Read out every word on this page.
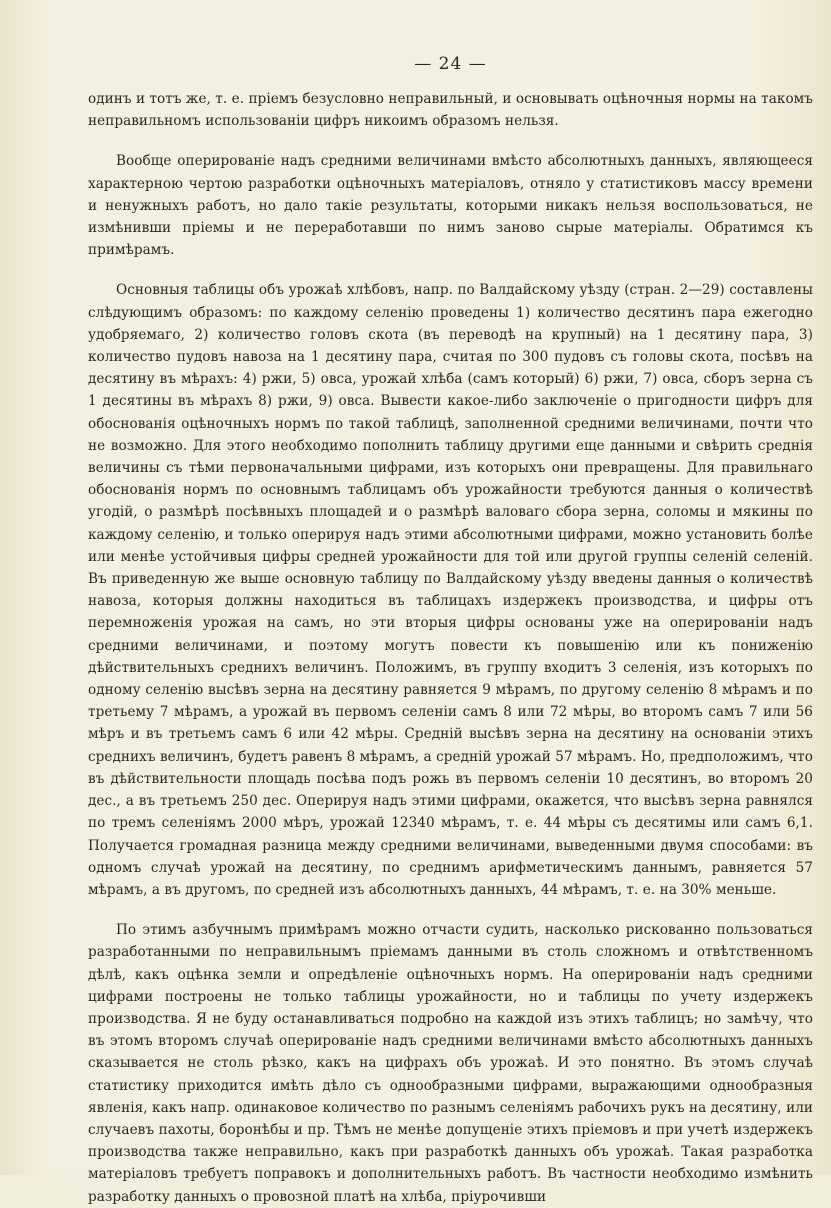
— 24 —

одинъ и тотъ же, т. е. пріемъ безусловно неправильный, и основывать оцѣночныя нормы на такомъ неправильномъ использованіи цифръ никоимъ образомъ нельзя.

Вообще оперированіе надъ средними величинами вмѣсто абсолютныхъ данныхъ, являющееся характерною чертою разработки оцѣночныхъ матеріаловъ, отняло у статистиковъ массу времени и ненужныхъ работъ, но дало такіе результаты, которыми никакъ нельзя воспользоваться, не измѣнивши пріемы и не переработавши по нимъ заново сырые матеріалы. Обратимся къ примѣрамъ.

Основныя таблицы объ урожаѣ хлѣбовъ, напр. по Валдайскому уѣзду (стран. 2—29) составлены слѣдующимъ образомъ: по каждому селенію проведены 1) количество десятинъ пара ежегодно удобряемаго, 2) количество головъ скота (въ переводѣ на крупный) на 1 десятину пара, 3) количество пудовъ навоза на 1 десятину пара, считая по 300 пудовъ съ головы скота, посѣвъ на десятину въ мѣрахъ: 4) ржи, 5) овса, урожай хлѣба (самъ который) 6) ржи, 7) овса, сборъ зерна съ 1 десятины въ мѣрахъ 8) ржи, 9) овса. Вывести какое-либо заключеніе о пригодности цифръ для обоснованія оцѣночныхъ нормъ по такой таблицѣ, заполненной средними величинами, почти что не возможно. Для этого необходимо пополнить таблицу другими еще данными и свѣрить среднія величины съ тѣми первоначальными цифрами, изъ которыхъ они превращены. Для правильнаго обоснованія нормъ по основнымъ таблицамъ объ урожайности требуются данныя о количествѣ угодій, о размѣрѣ посѣвныхъ площадей и о размѣрѣ валоваго сбора зерна, соломы и мякины по каждому селенію, и только оперируя надъ этими абсолютными цифрами, можно установить болѣе или менѣе устойчивыя цифры средней урожайности для той или другой группы селеній селеній. Въ приведенную же выше основную таблицу по Валдайскому уѣзду введены данныя о количествѣ навоза, которыя должны находиться въ таблицахъ издержекъ производства, и цифры отъ перемноженія урожая на самъ, но эти вторыя цифры основаны уже на оперированіи надъ средними величинами, и поэтому могутъ повести къ повышенію или къ пониженію дѣйствительныхъ среднихъ величинъ. Положимъ, въ группу входитъ 3 селенія, изъ которыхъ по одному селенію высѣвъ зерна на десятину равняется 9 мѣрамъ, по другому селенію 8 мѣрамъ и по третьему 7 мѣрамъ, а урожай въ первомъ селеніи самъ 8 или 72 мѣры, во второмъ самъ 7 или 56 мѣръ и въ третьемъ самъ 6 или 42 мѣры. Средній высѣвъ зерна на десятину на основаніи этихъ среднихъ величинъ, будетъ равенъ 8 мѣрамъ, а средній урожай 57 мѣрамъ. Но, предположимъ, что въ дѣйствительности площадь посѣва подъ рожь въ первомъ селеніи 10 десятинъ, во второмъ 20 дес., а въ третьемъ 250 дес. Оперируя надъ этими цифрами, окажется, что высѣвъ зерна равнялся по тремъ селеніямъ 2000 мѣръ, урожай 12340 мѣрамъ, т. е. 44 мѣры съ десятимы или самъ 6,1. Получается громадная разница между средними величинами, выведенными двумя способами: въ одномъ случаѣ урожай на десятину, по среднимъ арифметическимъ даннымъ, равняется 57 мѣрамъ, а въ другомъ, по средней изъ абсолютныхъ данныхъ, 44 мѣрамъ, т. е. на 30% меньше.

По этимъ азбучнымъ примѣрамъ можно отчасти судить, насколько рискованно пользоваться разработанными по неправильнымъ пріемамъ данными въ столь сложномъ и отвѣтственномъ дѣлѣ, какъ оцѣнка земли и опредѣленіе оцѣночныхъ нормъ. На оперированіи надъ средними цифрами построены не только таблицы урожайности, но и таблицы по учету издержекъ производства. Я не буду останавливаться подробно на каждой изъ этихъ таблицъ; но замѣчу, что въ этомъ второмъ случаѣ оперированіе надъ средними величинами вмѣсто абсолютныхъ данныхъ сказывается не столь рѣзко, какъ на цифрахъ объ урожаѣ. И это понятно. Въ этомъ случаѣ статистику приходится имѣть дѣло съ однообразными цифрами, выражающими однообразныя явленія, какъ напр. одинаковое количество по разнымъ селеніямъ рабочихъ рукъ на десятину, или случаевъ пахоты, боронѣбы и пр. Тѣмъ не менѣе допущеніе этихъ пріемовъ и при учетѣ издержекъ производства также неправильно, какъ при разработкѣ данныхъ объ урожаѣ. Такая разработка матеріаловъ требуетъ поправокъ и дополнительныхъ работъ. Въ частности необходимо измѣнить разработку данныхъ о провозной платѣ на хлѣба, пріурочивши
